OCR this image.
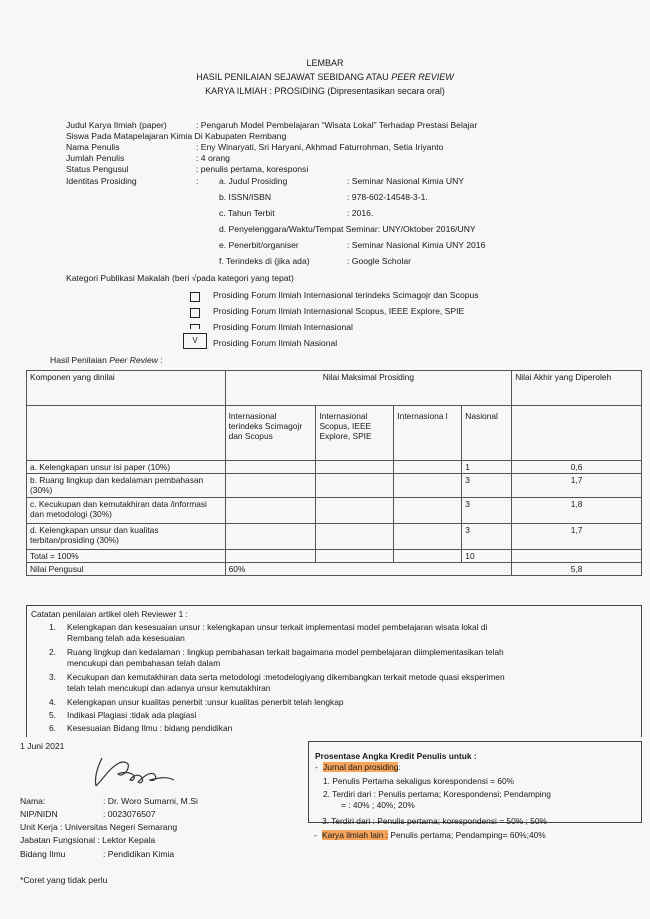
LEMBAR
HASIL PENILAIAN SEJAWAT SEBIDANG ATAU PEER REVIEW
KARYA ILMIAH : PROSIDING (Dipresentasikan secara oral)
Judul Karya Ilmiah (paper)	: Pengaruh Model Pembelajaran “Wisata Lokal” Terhadap Prestasi Belajar
Siswa Pada Matapelajaran Kimia Di Kabupaten Rembang
Nama Penulis	: Eny Winaryati, Sri Haryani, Akhmad Faturrohman, Setia Iriyanto
Jumlah Penulis	: 4 orang
Status Pengusul	: penulis pertama, koresponsi
Identitas Prosiding	: a. Judul Prosiding	: Seminar Nasional Kimia UNY
b. ISSN/ISBN	: 978-602-14548-3-1.
c. Tahun Terbit	: 2016.
d. Penyelenggara/Waktu/Tempat Seminar: UNY/Oktober 2016/UNY
e. Penerbit/organiser	: Seminar Nasional Kimia UNY 2016
f. Terindeks di (jika ada)	: Google Scholar
Kategori Publikasi Makalah (beri √pada kategori yang tepat)
Prosiding Forum Ilmiah Internasional terindeks Scimagojr dan Scopus
Prosiding Forum Ilmiah Internasional Scopus, IEEE Explore, SPIE
Prosiding Forum Ilmiah Internasional
V	Prosiding Forum Ilmiah Nasional
Hasil Penilaian Peer Review :
Komponen yang dinilai	Nilai Maksimal Prosiding				Nilai Akhir yang Diperoleh
	Internasional terindeks Scimagojr dan Scopus	Internasional Scopus, IEEE Explore, SPIE	Internasiona l	Nasional	
a. Kelengkapan unsur isi paper (10%)				1	0,6
b. Ruang lingkup dan kedalaman pembahasan (30%)				3	1,7
c. Kecukupan dan kemutakhiran data /informasi dan metodologi (30%)				3	1,8
d. Kelengkapan unsur dan kualitas terbitan/prosiding (30%)				3	1,7
Total = 100%				10	
Nilai Pengusul	60%				5,8
Catatan penilaian artikel oleh Reviewer 1 :
1. Kelengkapan dan kesesuaian unsur : kelengkapan unsur terkait implementasi model pembelajaran wisata lokal di
Rembang telah ada kesesuaian
2. Ruang lingkup dan kedalaman : lingkup pembahasan terkait bagaimana model pembelajaran diimplementasikan telah
mencukupi dan pembahasan telah dalam
3. Kecukupan dan kemutakhiran data serta metodologi :metodelogiyang dikembangkan terkait metode quasi eksperimen
telah telah mencukupi dan adanya unsur kemutakhiran
4. Kelengkapan unsur kualitas penerbit :unsur kualitas penerbit telah lengkap
5. Indikasi Plagiasi :tidak ada plagiasi
6. Kesesuaian Bidang Ilmu : bidang pendidikan
Prosentase Angka Kredit Penulis untuk :
- Jurnal dan prosiding:
1. Penulis Pertama sekaligus korespondensi = 60%
2. Terdiri dari : Penulis pertama; Korespondensi; Pendamping
= : 40% ; 40%; 20%
3. Terdiri dari : Penulis pertama; korespondensi = 50% ; 50%
- Karya ilmiah lain : Penulis pertama; Pendamping= 60%;40%
1 Juni 2021
Nama:	: Dr. Woro Sumarni, M.Si
NIP/NIDN	: 0023076507
Unit Kerja : Universitas Negeri Semarang
Jabatan Fungsional : Lektor Kepala
Bidang Ilmu	: Pendidikan Kimia
*Coret yang tidak perlu
